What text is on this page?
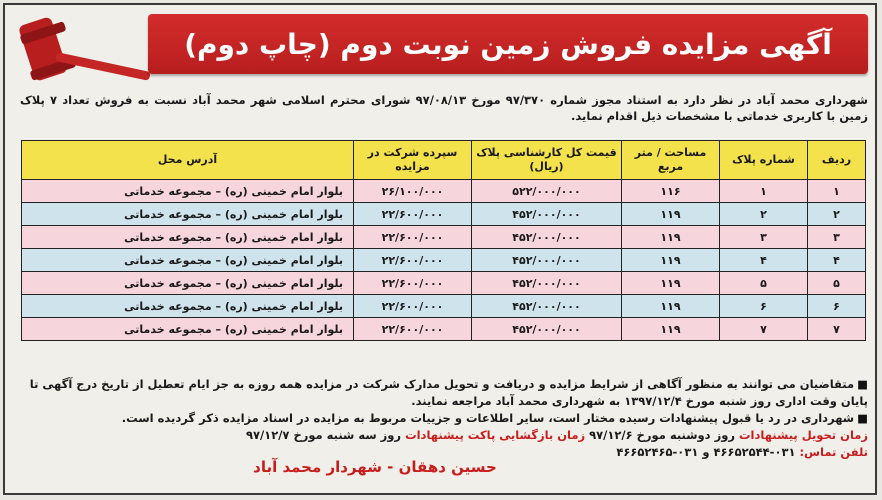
آگهی مزایده فروش زمین نوبت دوم (چاپ دوم)
شهرداری محمد آباد در نظر دارد به استناد مجوز شماره ۹۷/۳۷۰ مورخ ۹۷/۰۸/۱۳ شورای محترم اسلامی شهر محمد آباد نسبت به فروش تعداد ۷ پلاک زمین با کاربری خدماتی با مشخصات ذیل اقدام نماید.
ردیف	شماره پلاک	مساحت / متر مربع	قیمت کل کارشناسی پلاک (ریال)	سپرده شرکت در مزایده	آدرس محل
۱	۱	۱۱۶	۵۲۲/۰۰۰/۰۰۰	۲۶/۱۰۰/۰۰۰	بلوار امام خمینی (ره) – مجموعه خدماتی
۲	۲	۱۱۹	۴۵۲/۰۰۰/۰۰۰	۲۲/۶۰۰/۰۰۰	بلوار امام خمینی (ره) – مجموعه خدماتی
۳	۳	۱۱۹	۴۵۲/۰۰۰/۰۰۰	۲۲/۶۰۰/۰۰۰	بلوار امام خمینی (ره) – مجموعه خدماتی
۴	۴	۱۱۹	۴۵۲/۰۰۰/۰۰۰	۲۲/۶۰۰/۰۰۰	بلوار امام خمینی (ره) – مجموعه خدماتی
۵	۵	۱۱۹	۴۵۲/۰۰۰/۰۰۰	۲۲/۶۰۰/۰۰۰	بلوار امام خمینی (ره) – مجموعه خدماتی
۶	۶	۱۱۹	۴۵۲/۰۰۰/۰۰۰	۲۲/۶۰۰/۰۰۰	بلوار امام خمینی (ره) – مجموعه خدماتی
۷	۷	۱۱۹	۴۵۲/۰۰۰/۰۰۰	۲۲/۶۰۰/۰۰۰	بلوار امام خمینی (ره) – مجموعه خدماتی

■متقاضیان می توانند به منظور آگاهی از شرایط مزایده و دریافت و تحویل مدارک شرکت در مزایده همه روزه به جز ایام تعطیل از تاریخ درج آگهی تا پایان وقت اداری روز شنبه مورخ ۱۳۹۷/۱۲/۴ به شهرداری محمد آباد مراجعه نمایند.

■شهرداری در رد یا قبول پیشنهادات رسیده مختار است، سایر اطلاعات و جزییات مربوط به مزایده در اسناد مزایده ذکر گردیده است.

زمان تحویل پیشنهادات روز دوشنبه مورخ ۹۷/۱۲/۶ زمان بازگشایی پاکت پیشنهادات روز سه شنبه مورخ ۹۷/۱۲/۷

تلفن تماس: ۰۳۱-۴۶۶۵۲۵۴۴ و ۰۳۱-۴۶۶۵۲۴۶۵

حسین دهقان - شهردار محمد آباد
